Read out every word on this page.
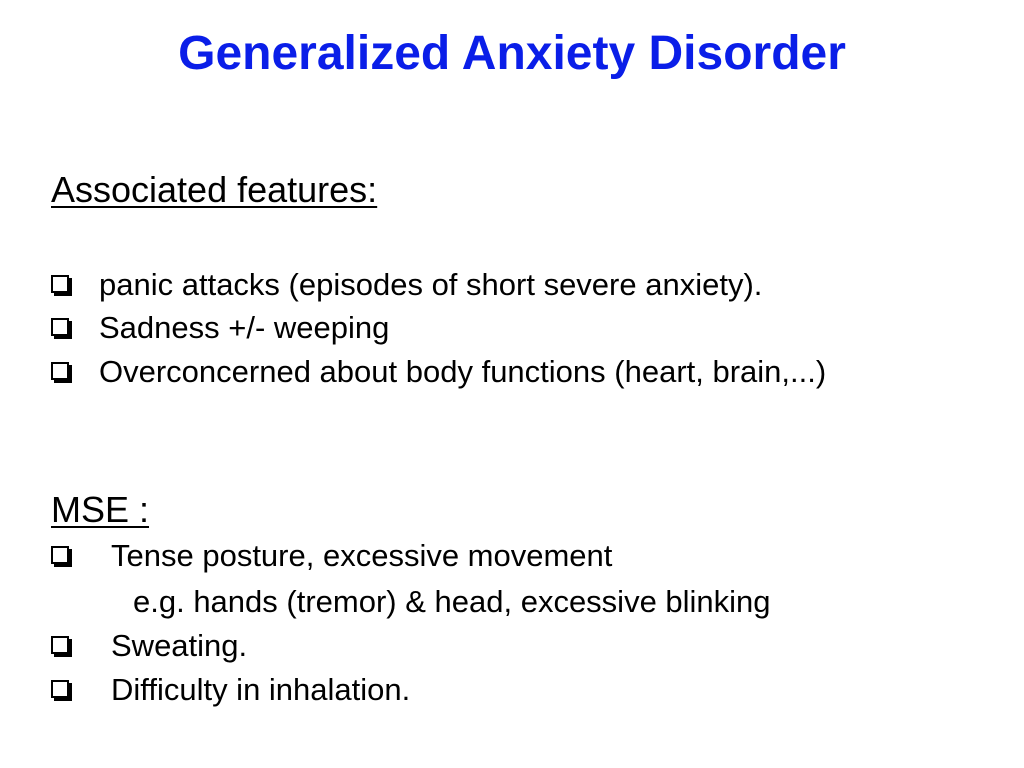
Generalized Anxiety Disorder
Associated features:
panic attacks (episodes of short severe anxiety).
Sadness +/- weeping
Overconcerned about body functions (heart, brain,...)
MSE :
Tense posture, excessive movement
e.g. hands (tremor) & head, excessive blinking
Sweating.
Difficulty in inhalation.
